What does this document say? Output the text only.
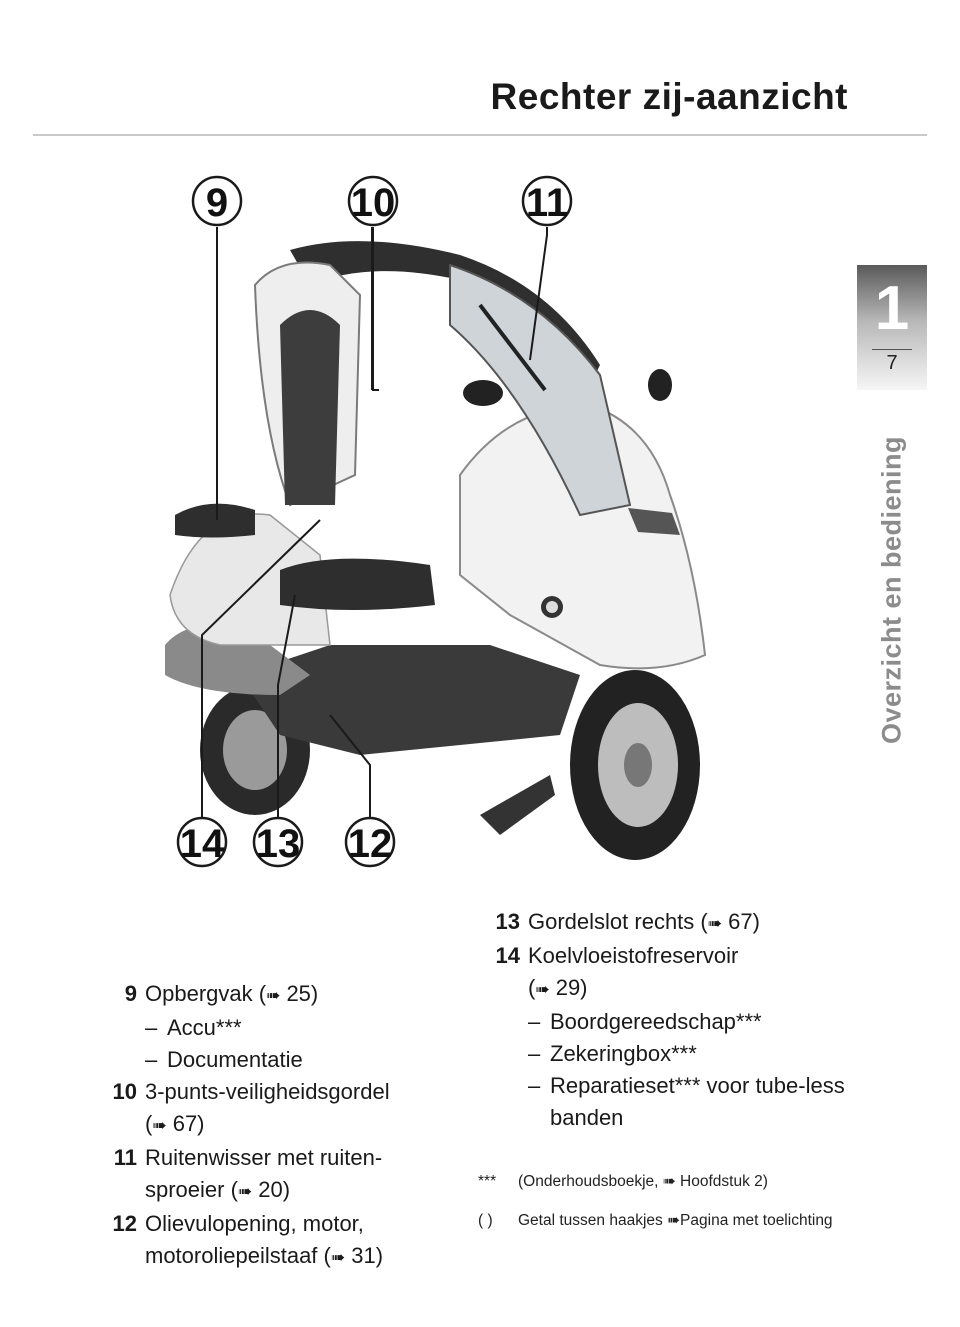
Rechter zij-aanzicht
1
7
Overzicht en bediening
9	10	11
14 13 12
9 Opbergvak (➠ 25)
– Accu***
– Documentatie
10 3-punts-veiligheidsgordel
(➠ 67)
11 Ruitenwisser met ruiten-
sproeier (➠ 20)
12 Olievulopening, motor,
motoroliepeilstaaf (➠ 31)
13 Gordelslot rechts (➠ 67)
14 Koelvloeistofreservoir
(➠ 29)
– Boordgereedschap***
– Zekeringbox***
– Reparatieset*** voor tube-less banden
***	(Onderhoudsboekje, ➠ Hoofdstuk 2)
( )	Getal tussen haakjes ➠Pagina met toelichting
